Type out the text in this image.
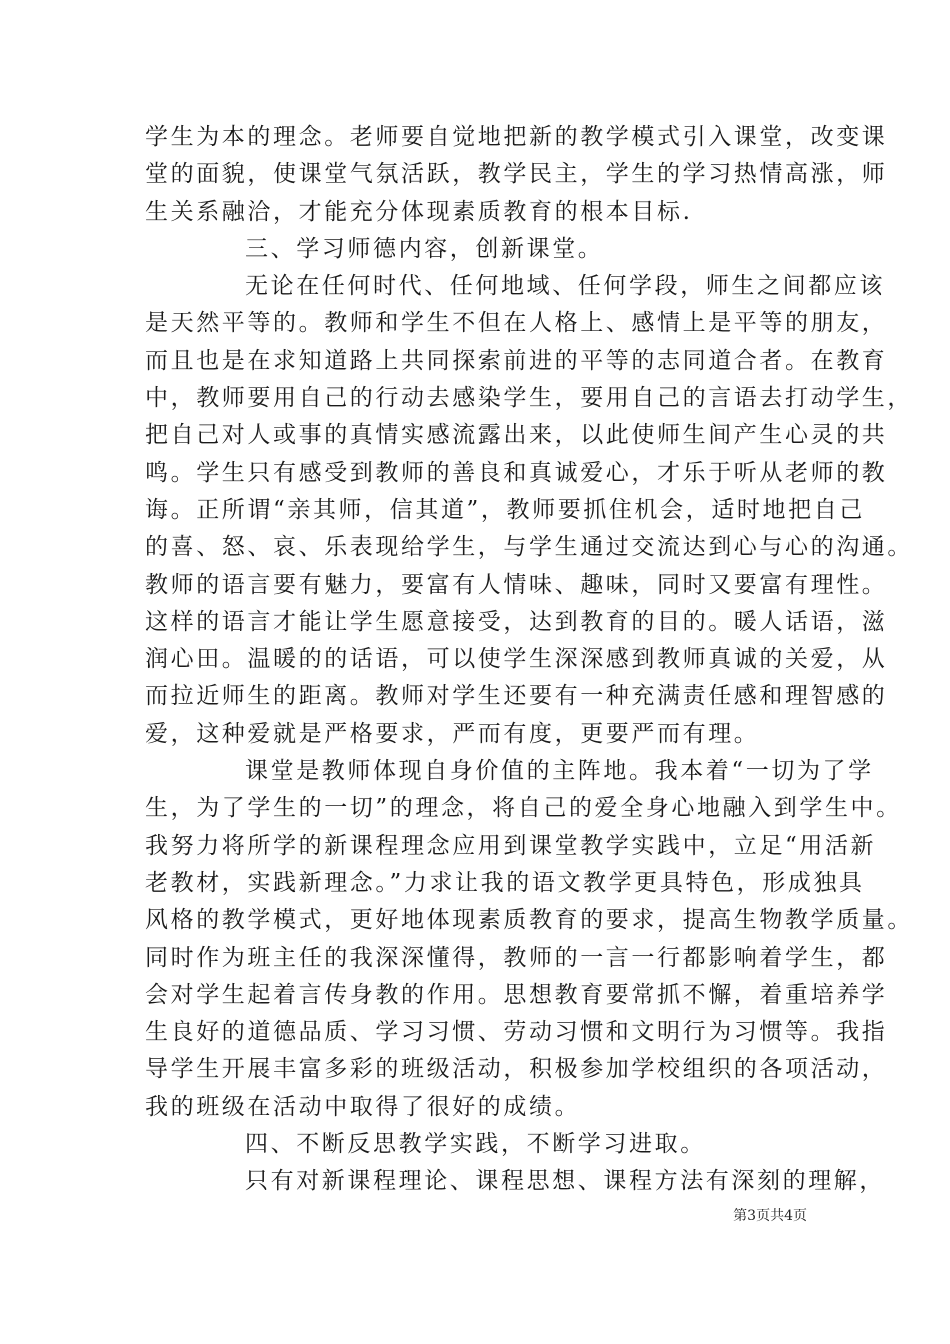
学生为本的理念。老师要自觉地把新的教学模式引入课堂，改变课
堂的面貌，使课堂气氛活跃，教学民主，学生的学习热情高涨，师
生关系融洽，才能充分体现素质教育的根本目标.
三、学习师德内容，创新课堂。
无论在任何时代、任何地域、任何学段，师生之间都应该
是天然平等的。教师和学生不但在人格上、感情上是平等的朋友，
而且也是在求知道路上共同探索前进的平等的志同道合者。在教育
中，教师要用自己的行动去感染学生，要用自己的言语去打动学生，
把自己对人或事的真情实感流露出来，以此使师生间产生心灵的共
鸣。学生只有感受到教师的善良和真诚爱心，才乐于听从老师的教
诲。正所谓“亲其师，信其道”，教师要抓住机会，适时地把自己
的喜、怒、哀、乐表现给学生，与学生通过交流达到心与心的沟通。
教师的语言要有魅力，要富有人情味、趣味，同时又要富有理性。
这样的语言才能让学生愿意接受，达到教育的目的。暖人话语，滋
润心田。温暖的的话语，可以使学生深深感到教师真诚的关爱，从
而拉近师生的距离。教师对学生还要有一种充满责任感和理智感的
爱，这种爱就是严格要求，严而有度，更要严而有理。
课堂是教师体现自身价值的主阵地。我本着“一切为了学
生，为了学生的一切”的理念，将自己的爱全身心地融入到学生中。
我努力将所学的新课程理念应用到课堂教学实践中，立足“用活新
老教材，实践新理念。”力求让我的语文教学更具特色，形成独具
风格的教学模式，更好地体现素质教育的要求，提高生物教学质量。
同时作为班主任的我深深懂得，教师的一言一行都影响着学生，都
会对学生起着言传身教的作用。思想教育要常抓不懈，着重培养学
生良好的道德品质、学习习惯、劳动习惯和文明行为习惯等。我指
导学生开展丰富多彩的班级活动，积极参加学校组织的各项活动，
我的班级在活动中取得了很好的成绩。
四、不断反思教学实践，不断学习进取。
只有对新课程理论、课程思想、课程方法有深刻的理解，
第3页共4页
